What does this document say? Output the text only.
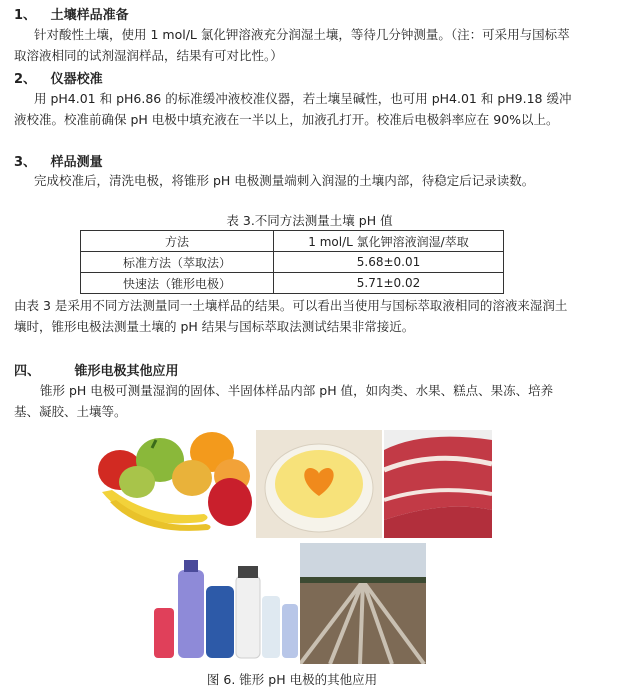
1、 土壤样品准备
针对酸性土壤，使用 1 mol/L 氯化钾溶液充分润湿土壤，等待几分钟测量。（注：可采用与国标萃取溶液相同的试剂湿润样品，结果有可对比性。）
2、 仪器校准
用 pH4.01 和 pH6.86 的标准缓冲液校准仪器，若土壤呈碱性，也可用 pH4.01 和 pH9.18 缓冲液校准。校准前确保 pH 电极中填充液在一半以上，加液孔打开。校准后电极斜率应在 90%以上。
3、 样品测量
完成校准后，清洗电极，将锥形 pH 电极测量端刺入润湿的土壤内部，待稳定后记录读数。
表 3.不同方法测量土壤 pH 值
方法	1 mol/L 氯化钾溶液润湿/萃取
标准方法（萃取法）	5.68±0.01
快速法（锥形电极）	5.71±0.02
由表 3 是采用不同方法测量同一土壤样品的结果。可以看出当使用与国标萃取液相同的溶液来湿润土壤时，锥形电极法测量土壤的 pH 结果与国标萃取法测试结果非常接近。
四、	锥形电极其他应用
锥形 pH 电极可测量湿润的固体、半固体样品内部 pH 值，如肉类、水果、糕点、果冻、培养基、凝胶、土壤等。
图 6. 锥形 pH 电极的其他应用
